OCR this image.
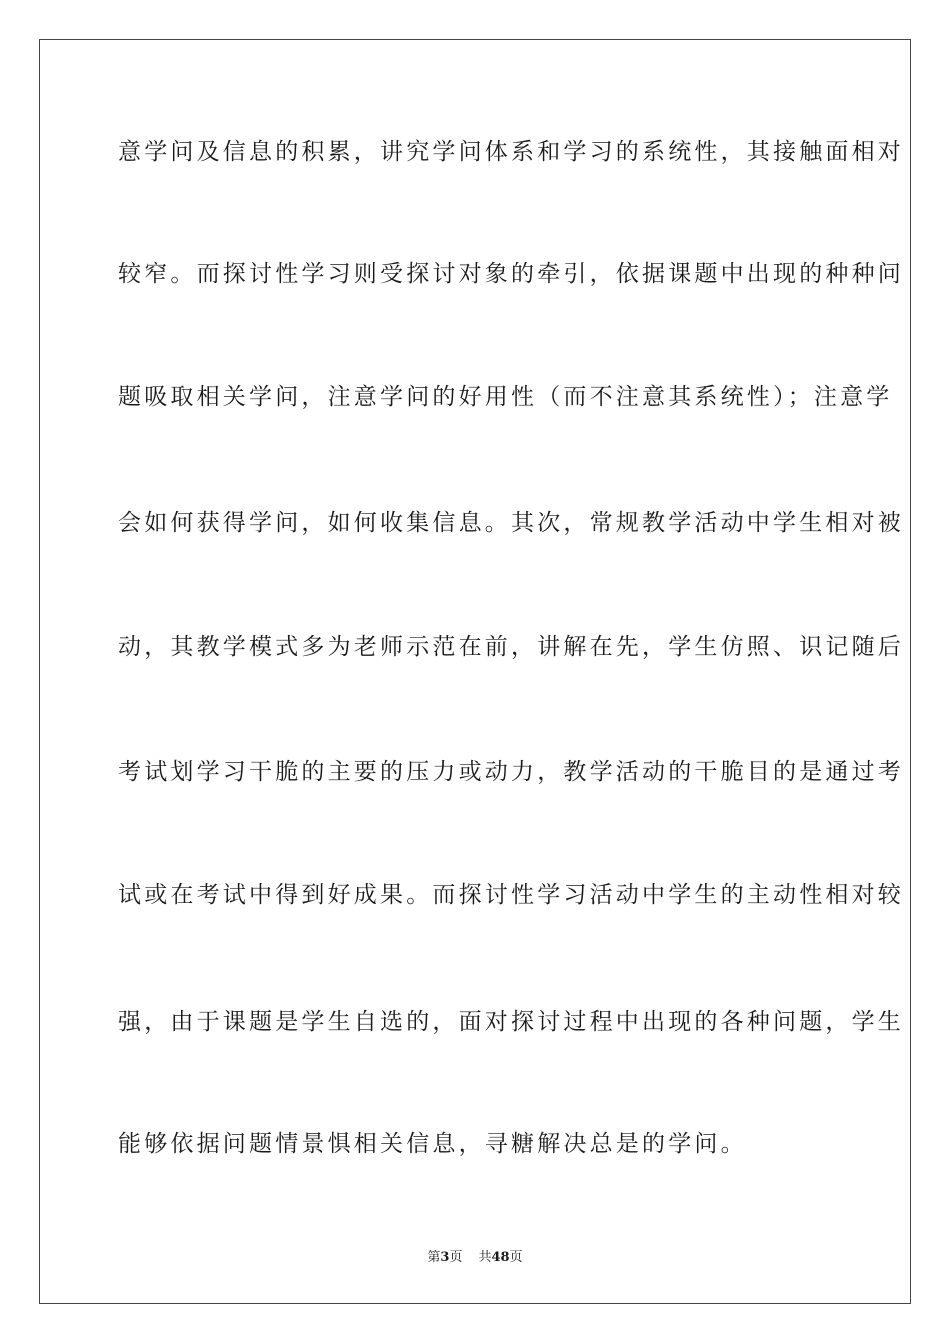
意学问及信息的积累，讲究学问体系和学习的系统性，其接触面相对
较窄。而探讨性学习则受探讨对象的牵引，依据课题中出现的种种问
题吸取相关学问，注意学问的好用性（而不注意其系统性）；注意学
会如何获得学问，如何收集信息。其次，常规教学活动中学生相对被
动，其教学模式多为老师示范在前，讲解在先，学生仿照、识记随后
考试划学习干脆的主要的压力或动力，教学活动的干脆目的是通过考
试或在考试中得到好成果。而探讨性学习活动中学生的主动性相对较
强，由于课题是学生自选的，面对探讨过程中出现的各种问题，学生
能够依据问题情景惧相关信息，寻糖解决总是的学问。
第3页 共48页
